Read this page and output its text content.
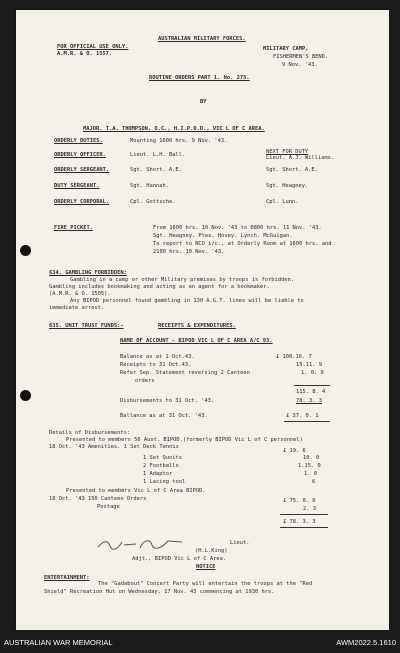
AUSTRALIAN MILITARY FORCES.
FOR OFFICIAL USE ONLY.
A.M.R. & O. 1557.
MILITARY CAMP,
FISHERMEN'S BEND.
9 Nov. '43.
ROUTINE ORDERS PART 1. No. 275.
BY
MAJOR. T.A. THOMPSON, O.C., H.I.P.O.D., VIC L OF C AREA.
ORDERLY DUTIES.	Mounting 1600 hrs. 9 Nov. '43.
ORDERLY OFFICER.	Lieut. L.H. Ball.	NEXT FOR DUTY
Lieut. A.J. Williams.
ORDERLY SERGEANT.	Sgt. Short. A.E.	Sgt. Short. A.E.
DUTY SERGEANT.	Sgt. Hannah.	Sgt. Heagney.
ORDERLY CORPORAL.	Cpl. Gottsche.	Cpl. Lunn.
FIRE PICKET.	From 1600 hrs. 10 Nov. '43 to 0800 hrs. 11 Nov. '43.
Sgt. Heagney. Ptes. Hovey. Lynch. McGuigan.
To report to NCO i/c., at Orderly Room at 1600 hrs. and
2100 hrs. 10 Nov. '43.
634. GAMBLING FORBIDDEN:
Gambling in a camp or other Military premises by troops is forbidden.
Gambling includes bookmaking and acting as an agent for a bookmaker.
(A.M.R. & O. 1505).
Any BIPOD personnel found gambling in 130 A.G.T. lines will be liable to
immediate arrest.
635. UNIT TRUST FUNDS:-	RECEIPTS & EXPENDITURES.
NAME OF ACCOUNT - BIPOD VIC L OF C AREA A/C 93.
Balance as at 1 Oct.43.	£ 100.16. 7
Receipts to 31 Oct.43.	15.11. 9
Refer Sep. Statement reversing 2 Canteen	1. 0. 0
orders
115. 8. 4
Disbursements to 31 Oct. '43.	78. 3. 3
Ballance as at 31 Oct. '43.	£ 37. 0. 1
Details of Disbursements:
Presented to members 56 Aust. BIPOD.(formerly BIPOD Vic L of C personnel)
18 Oct. '43 Amenities. 1 Set Deck Tennis
£ 19. 6
1 Set Quoits	10. 0
2 Footballs	1.15. 0
1 Adaptor	1. 0
1 Lacing tool	6
Presented to members Vic L of C Area BIPOD.
18 Oct. '43 150 Canteen Orders	£ 75. 0. 0
Postage	2. 3
£ 78. 3. 3
Lieut.
(H.L.King)
Adjt., BIPOD Vic L of C Area.
NOTICE
ENTERTAINMENT:
The "Gadabout" Concert Party will entertain the troops at the "Red
Shield" Recreation Hut on Wednesday, 17 Nov. 43 commencing at 1930 hrs.
AUSTRALIAN WAR MEMORIAL	AWM2022.5.1610
